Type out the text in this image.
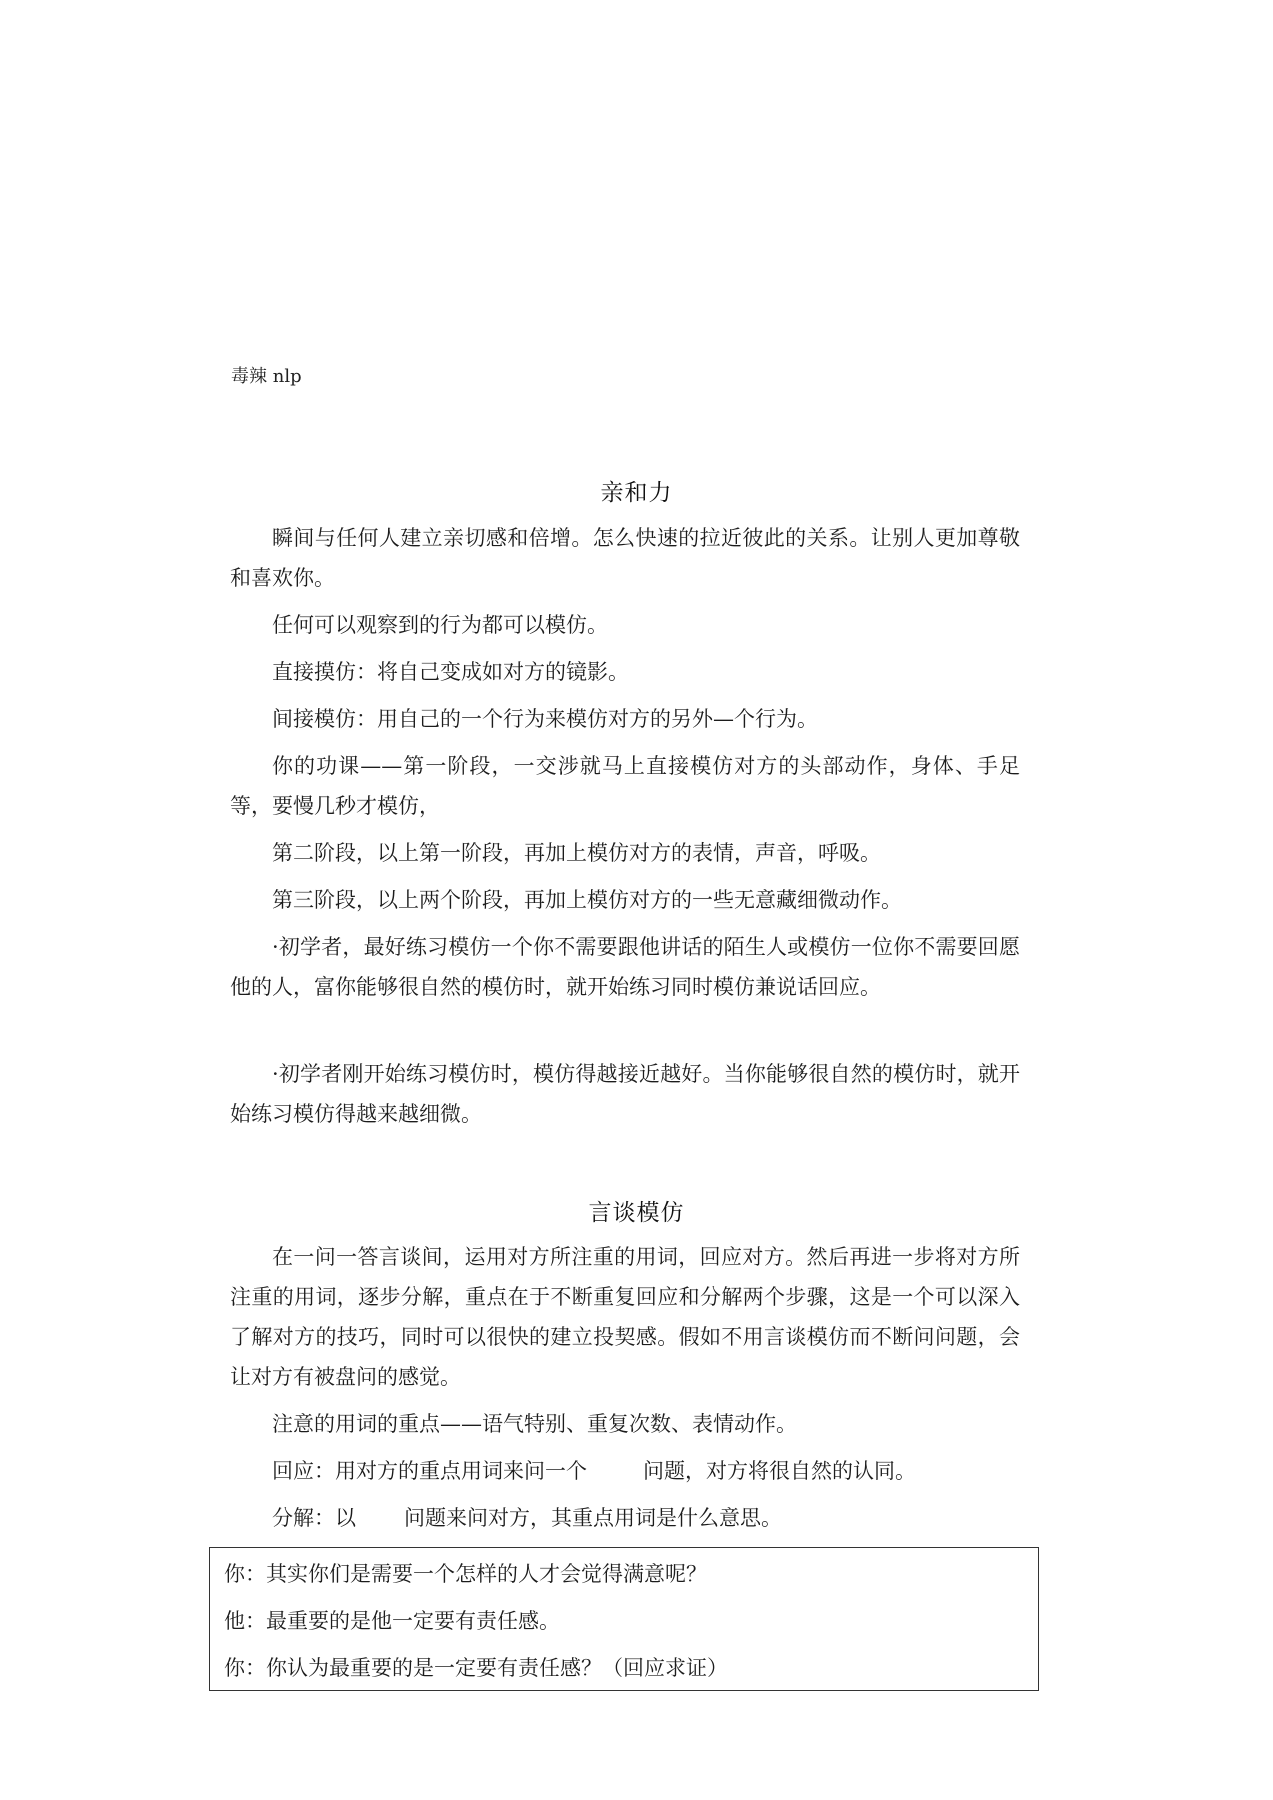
毒辣 nlp
亲和力

瞬间与任何人建立亲切感和倍增。怎么快速的拉近彼此的关系。让别人更加尊敬和喜欢你。

任何可以观察到的行为都可以模仿。

直接摸仿：将自己变成如对方的镜影。

间接模仿：用自己的一个行为来模仿对方的另外—个行为。

你的功课——第一阶段，一交涉就马上直接模仿对方的头部动作，身体、手足等，要慢几秒才模仿，

第二阶段，以上第一阶段，再加上模仿对方的表情，声音，呼吸。

第三阶段，以上两个阶段，再加上模仿对方的一些无意藏细微动作。

·初学者，最好练习模仿一个你不需要跟他讲话的陌生人或模仿一位你不需要回愿他的人，富你能够很自然的模仿时，就开始练习同时模仿兼说话回应。

·初学者刚开始练习模仿时，模仿得越接近越好。当你能够很自然的模仿时，就开始练习模仿得越来越细微。

言谈模仿

在一问一答言谈间，运用对方所注重的用词，回应对方。然后再进一步将对方所注重的用词，逐步分解，重点在于不断重复回应和分解两个步骤，这是一个可以深入了解对方的技巧，同时可以很快的建立投契感。假如不用言谈模仿而不断问问题，会让对方有被盘问的感觉。

注意的用词的重点——语气特别、重复次数、表情动作。

回应：用对方的重点用词来问一个	问题，对方将很自然的认同。

分解：以 问题来问对方，其重点用词是什么意思。

你：其实你们是需要一个怎样的人才会觉得满意呢？
他：最重要的是他一定要有责任感。
你：你认为最重要的是一定要有责任感？（回应求证）
